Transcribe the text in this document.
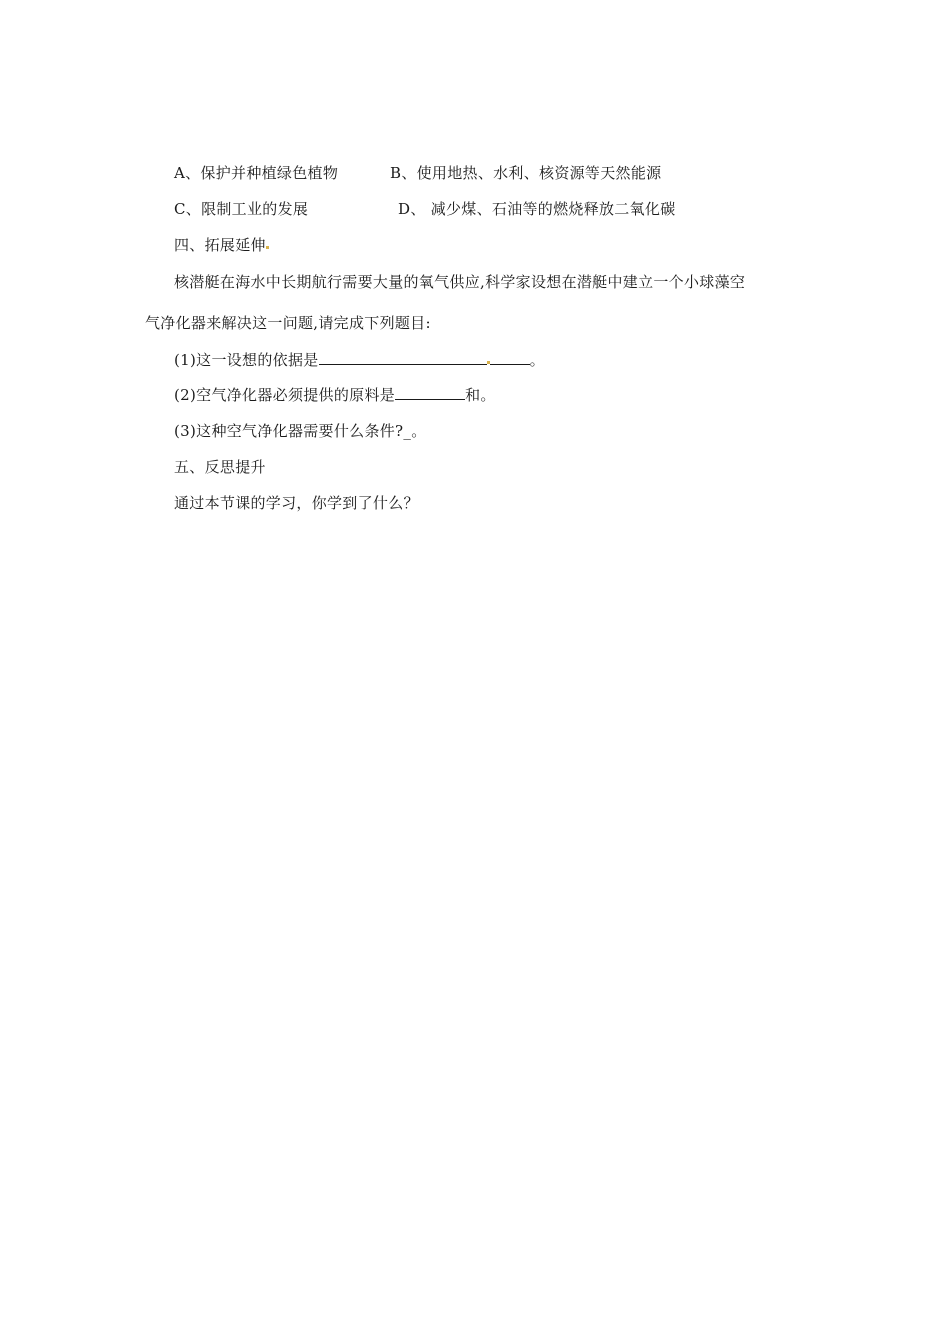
A、保护并种植绿色植物	B、使用地热、水利、核资源等天然能源
C、限制工业的发展	D、 减少煤、石油等的燃烧释放二氧化碳
四、拓展延伸
核潜艇在海水中长期航行需要大量的氧气供应,科学家设想在潜艇中建立一个小球藻空
气净化器来解决这一问题,请完成下列题目:
(1)这一设想的依据是	。
(2)空气净化器必须提供的原料是	和。
(3)这种空气净化器需要什么条件?_。
五、反思提升
通过本节课的学习，你学到了什么？
